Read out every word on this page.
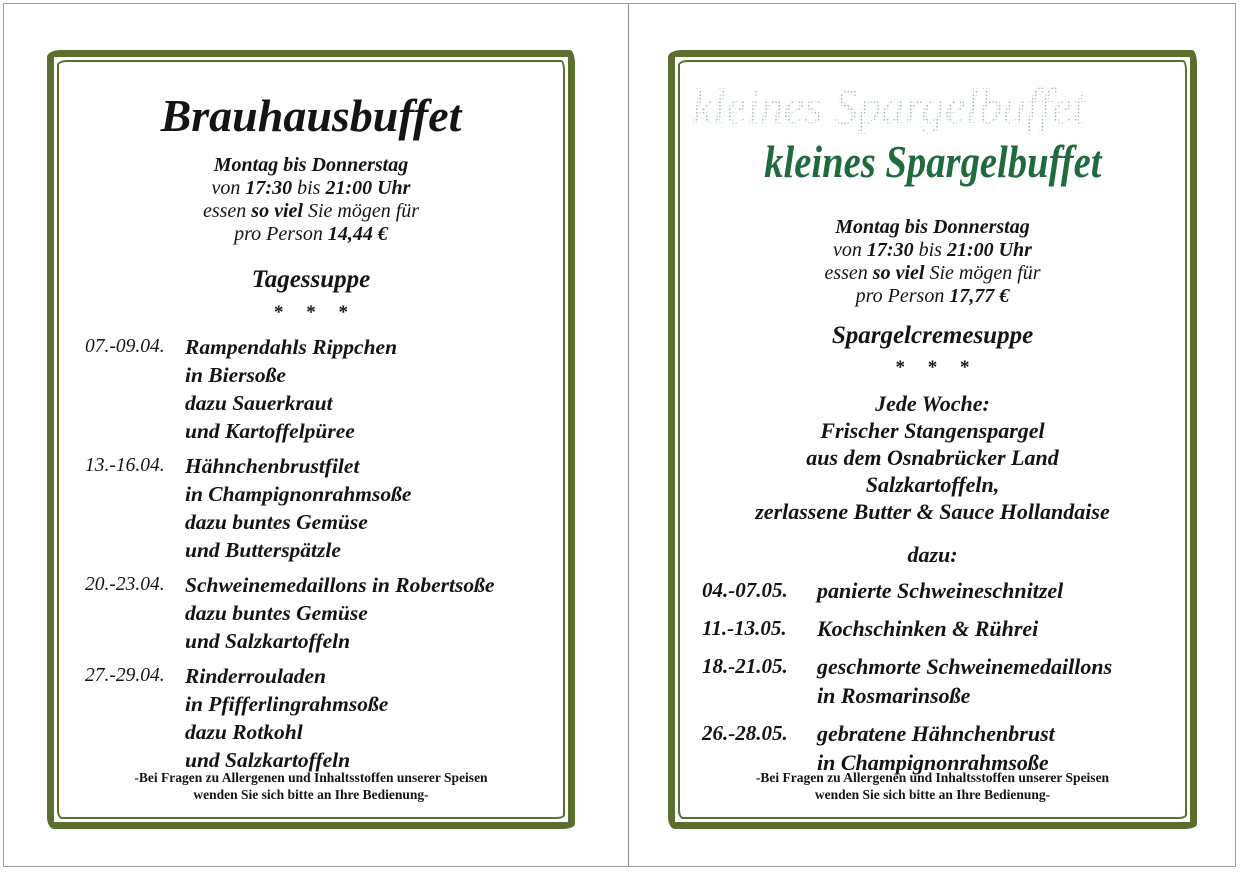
Brauhausbuffet
Montag bis Donnerstag
von 17:30 bis 21:00 Uhr
essen so viel Sie mögen für
pro Person 14,44 €
Tagessuppe
* * *
07.-09.04. Rampendahls Rippchen
in Biersoße
dazu Sauerkraut
und Kartoffelpüree
13.-16.04. Hähnchenbrustfilet
in Champignonrahmsoße
dazu buntes Gemüse
und Butterspätzle
20.-23.04. Schweinemedaillons in Robertsoße
dazu buntes Gemüse
und Salzkartoffeln
27.-29.04. Rinderrouladen
in Pfifferlingrahmsoße
dazu Rotkohl
und Salzkartoffeln
-Bei Fragen zu Allergenen und Inhaltsstoffen unserer Speisen
wenden Sie sich bitte an Ihre Bedienung-
kleines Spargelbuffet
kleines Spargelbuffet
Montag bis Donnerstag
von 17:30 bis 21:00 Uhr
essen so viel Sie mögen für
pro Person 17,77 €
Spargelcremesuppe
* * *
Jede Woche:
Frischer Stangenspargel
aus dem Osnabrücker Land
Salzkartoffeln,
zerlassene Butter & Sauce Hollandaise
dazu:
04.-07.05.	panierte Schweineschnitzel
11.-13.05.	Kochschinken & Rührei
18.-21.05.	geschmorte Schweinemedaillons
in Rosmarinsoße
26.-28.05.	gebratene Hähnchenbrust
in Champignonrahmsoße
-Bei Fragen zu Allergenen und Inhaltsstoffen unserer Speisen
wenden Sie sich bitte an Ihre Bedienung-
